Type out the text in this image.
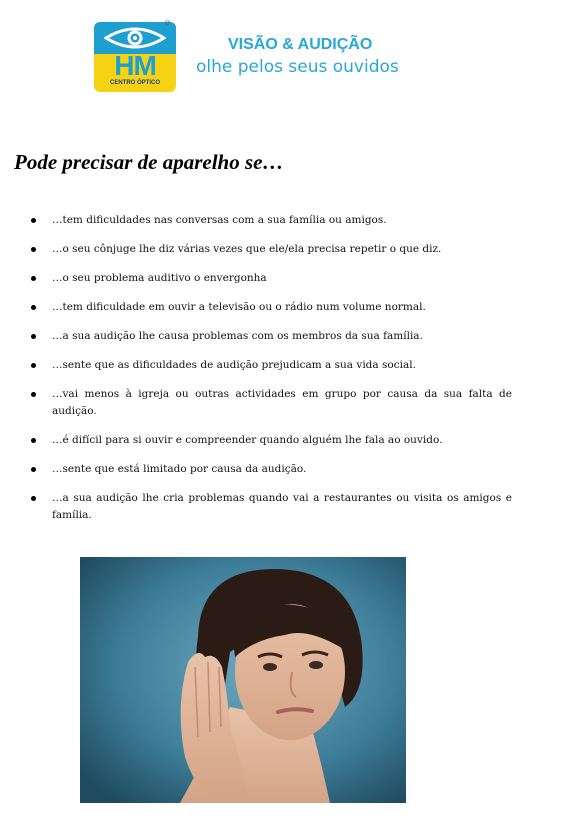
HM
CENTRO ÓPTICO
®
VISÃO & AUDIÇÃO
olhe pelos seus ouvidos
Pode precisar de aparelho se…
…tem dificuldades nas conversas com a sua família ou amigos.
…o seu cônjuge lhe diz várias vezes que ele/ela precisa repetir o que diz.
…o seu problema auditivo o envergonha
…tem dificuldade em ouvir a televisão ou o rádio num volume normal.
…a sua audição lhe causa problemas com os membros da sua família.
…sente que as dificuldades de audição prejudicam a sua vida social.
…vai menos à igreja ou outras actividades em grupo por causa da sua falta de audição.
…é difícil para si ouvir e compreender quando alguém lhe fala ao ouvido.
…sente que está limitado por causa da audição.
…a sua audição lhe cria problemas quando vai a restaurantes ou visita os amigos e família.
